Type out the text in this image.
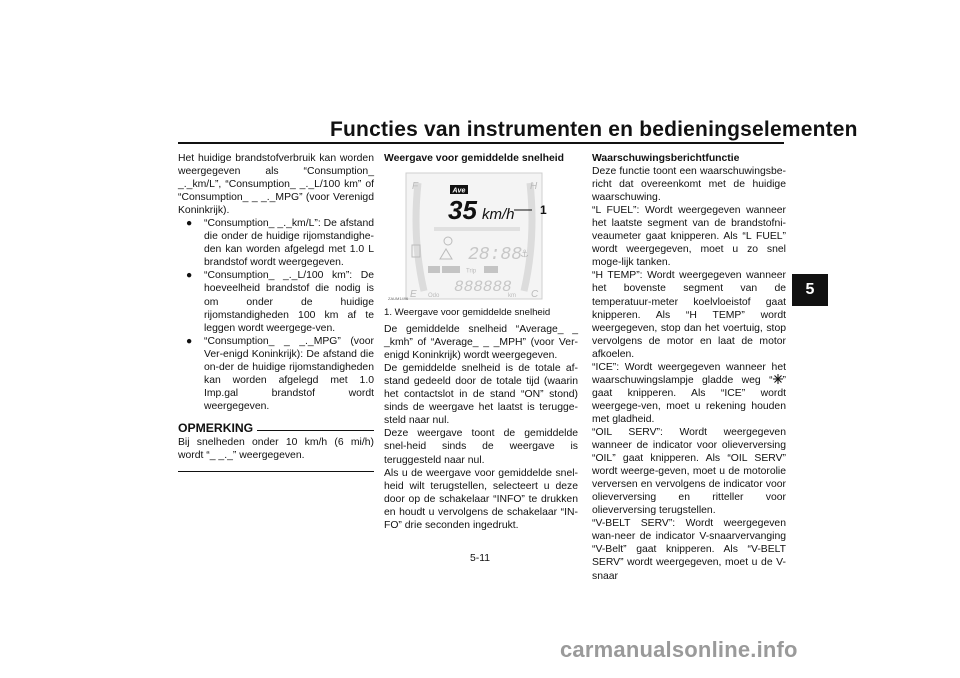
Functies van instrumenten en bedieningselementen
5

Het huidige brandstofverbruik kan worden weergegeven als “Consumption_ _._km/L”, “Consumption_ _._L/100 km” of “Consumption_ _ _._MPG” (voor Verenigd Koninkrijk).

● “Consumption_ _._km/L”: De afstand die onder de huidige rijomstandighe-den kan worden afgelegd met 1.0 L brandstof wordt weergegeven.
● “Consumption_ _._L/100 km”: De hoeveelheid brandstof die nodig is om onder de huidige rijomstandigheden 100 km af te leggen wordt weergege-ven.
● “Consumption_ _ _._MPG” (voor Ver-enigd Koninkrijk): De afstand die on-der de huidige rijomstandigheden kan worden afgelegd met 1.0 Imp.gal brandstof wordt weergegeven.
OPMERKING

Bij snelheden onder 10 km/h (6 mi/h) wordt “_ _._” weergegeven.

Weergave voor gemiddelde snelheid

F
E
H
C
Ave
35 km/h 1
28:88
⚓
Trip
888888
Odo	km
ZAUM1496
1. Weergave voor gemiddelde snelheid

De gemiddelde snelheid “Average_ _ _kmh” of “Average_ _ _MPH” (voor Ver-enigd Koninkrijk) wordt weergegeven.

De gemiddelde snelheid is de totale af-stand gedeeld door de totale tijd (waarin het contactslot in de stand “ON” stond) sinds de weergave het laatst is terugge-steld naar nul.

Deze weergave toont de gemiddelde snel-heid sinds de weergave is teruggesteld naar nul.

Als u de weergave voor gemiddelde snel-heid wilt terugstellen, selecteert u deze door op de schakelaar “INFO” te drukken en houdt u vervolgens de schakelaar “IN-FO” drie seconden ingedrukt.

Waarschuwingsberichtfunctie

Deze functie toont een waarschuwingsbe-richt dat overeenkomt met de huidige waarschuwing.

“L FUEL”: Wordt weergegeven wanneer het laatste segment van de brandstofni-veaumeter gaat knipperen. Als “L FUEL” wordt weergegeven, moet u zo snel moge-lijk tanken.

“H TEMP”: Wordt weergegeven wanneer het bovenste segment van de temperatuur-meter koelvloeistof gaat knipperen. Als “H TEMP” wordt weergegeven, stop dan het voertuig, stop vervolgens de motor en laat de motor afkoelen.

“ICE”: Wordt weergegeven wanneer het waarschuwingslampje gladde weg “ ” gaat knipperen. Als “ICE” wordt weergege-ven, moet u rekening houden met gladheid.

“OIL SERV”: Wordt weergegeven wanneer de indicator voor olieverversing “OIL” gaat knipperen. Als “OIL SERV” wordt weerge-geven, moet u de motorolie verversen en vervolgens de indicator voor olieverversing en ritteller voor olieverversing terugstellen.

“V-BELT SERV”: Wordt weergegeven wan-neer de indicator V-snaarvervanging “V-Belt” gaat knipperen. Als “V-BELT SERV” wordt weergegeven, moet u de V-snaar

5-11
carmanualsonline.info
